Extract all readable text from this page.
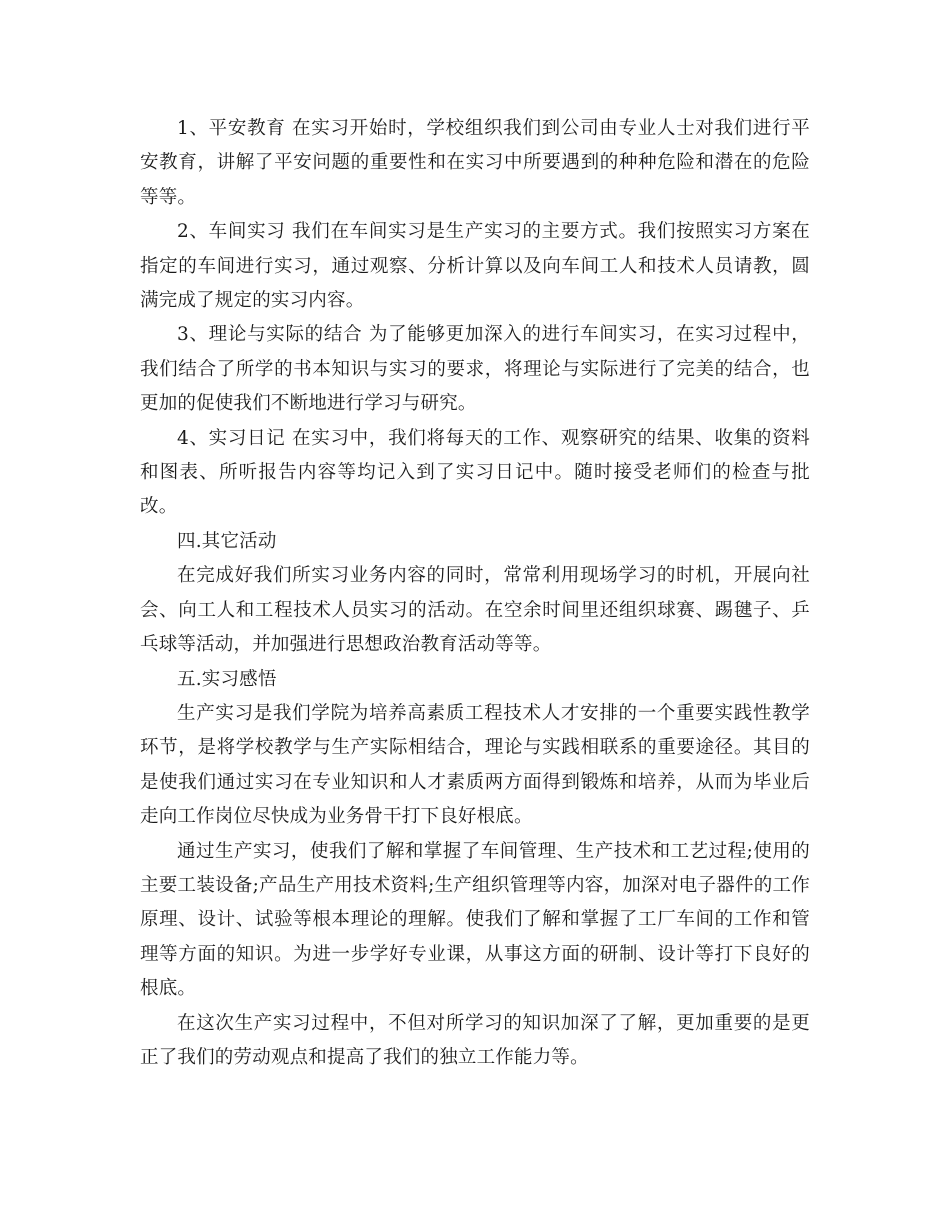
1、平安教育 在实习开始时，学校组织我们到公司由专业人士对我们进行平安教育，讲解了平安问题的重要性和在实习中所要遇到的种种危险和潜在的危险等等。

2、车间实习 我们在车间实习是生产实习的主要方式。我们按照实习方案在指定的车间进行实习，通过观察、分析计算以及向车间工人和技术人员请教，圆满完成了规定的实习内容。

3、理论与实际的结合 为了能够更加深入的进行车间实习，在实习过程中，我们结合了所学的书本知识与实习的要求，将理论与实际进行了完美的结合，也更加的促使我们不断地进行学习与研究。

4、实习日记 在实习中，我们将每天的工作、观察研究的结果、收集的资料和图表、所听报告内容等均记入到了实习日记中。随时接受老师们的检查与批改。

四.其它活动

在完成好我们所实习业务内容的同时，常常利用现场学习的时机，开展向社会、向工人和工程技术人员实习的活动。在空余时间里还组织球赛、踢毽子、乒乓球等活动，并加强进行思想政治教育活动等等。

五.实习感悟

生产实习是我们学院为培养高素质工程技术人才安排的一个重要实践性教学环节，是将学校教学与生产实际相结合，理论与实践相联系的重要途径。其目的是使我们通过实习在专业知识和人才素质两方面得到锻炼和培养，从而为毕业后走向工作岗位尽快成为业务骨干打下良好根底。

通过生产实习，使我们了解和掌握了车间管理、生产技术和工艺过程;使用的主要工装设备;产品生产用技术资料;生产组织管理等内容，加深对电子器件的工作原理、设计、试验等根本理论的理解。使我们了解和掌握了工厂车间的工作和管理等方面的知识。为进一步学好专业课，从事这方面的研制、设计等打下良好的根底。

在这次生产实习过程中，不但对所学习的知识加深了了解，更加重要的是更正了我们的劳动观点和提高了我们的独立工作能力等。
